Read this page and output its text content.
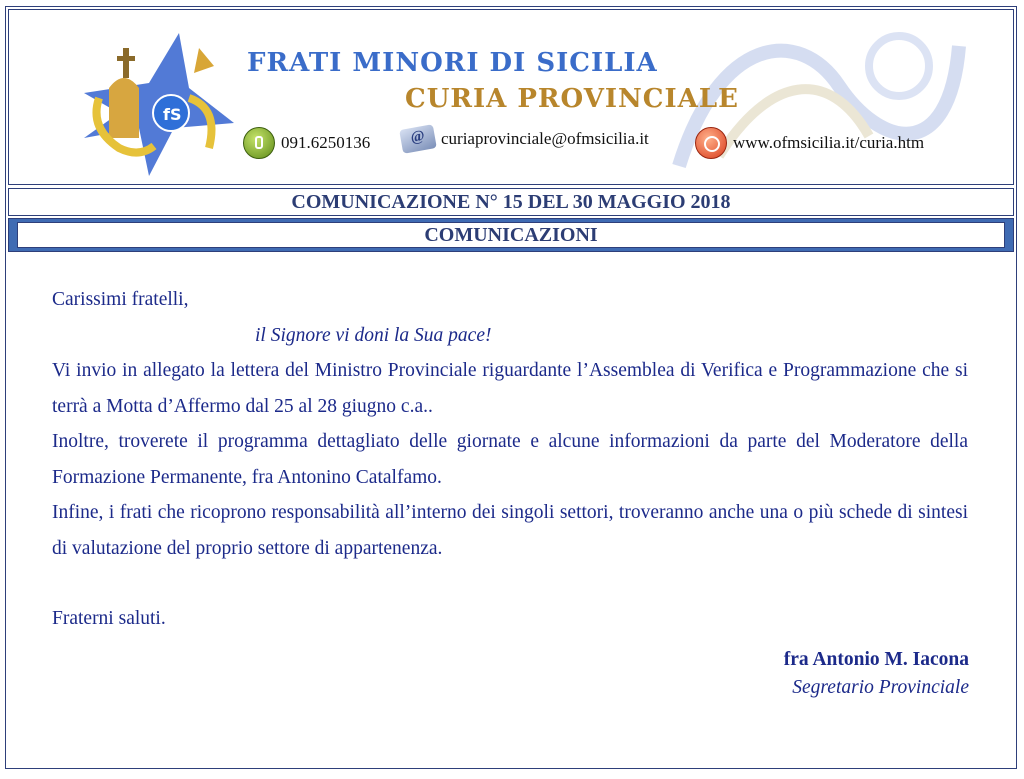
fS
FRATI MINORI DI SICILIA
CURIA PROVINCIALE
091.6250136
@	curiaprovinciale@ofmsicilia.it	www.ofmsicilia.it/curia.htm
COMUNICAZIONE N° 15 DEL 30 MAGGIO 2018
COMUNICAZIONI

Carissimi fratelli,

il Signore vi doni la Sua pace!

Vi invio in allegato la lettera del Ministro Provinciale riguardante l’Assemblea di Verifica e Programmazione che si terrà a Motta d’Affermo dal 25 al 28 giugno c.a..

Inoltre, troverete il programma dettagliato delle giornate e alcune informazioni da parte del Moderatore della Formazione Permanente, fra Antonino Catalfamo.

Infine, i frati che ricoprono responsabilità all’interno dei singoli settori, troveranno anche una o più schede di sintesi di valutazione del proprio settore di appartenenza.

Fraterni saluti.

fra Antonio M. Iacona
Segretario Provinciale
